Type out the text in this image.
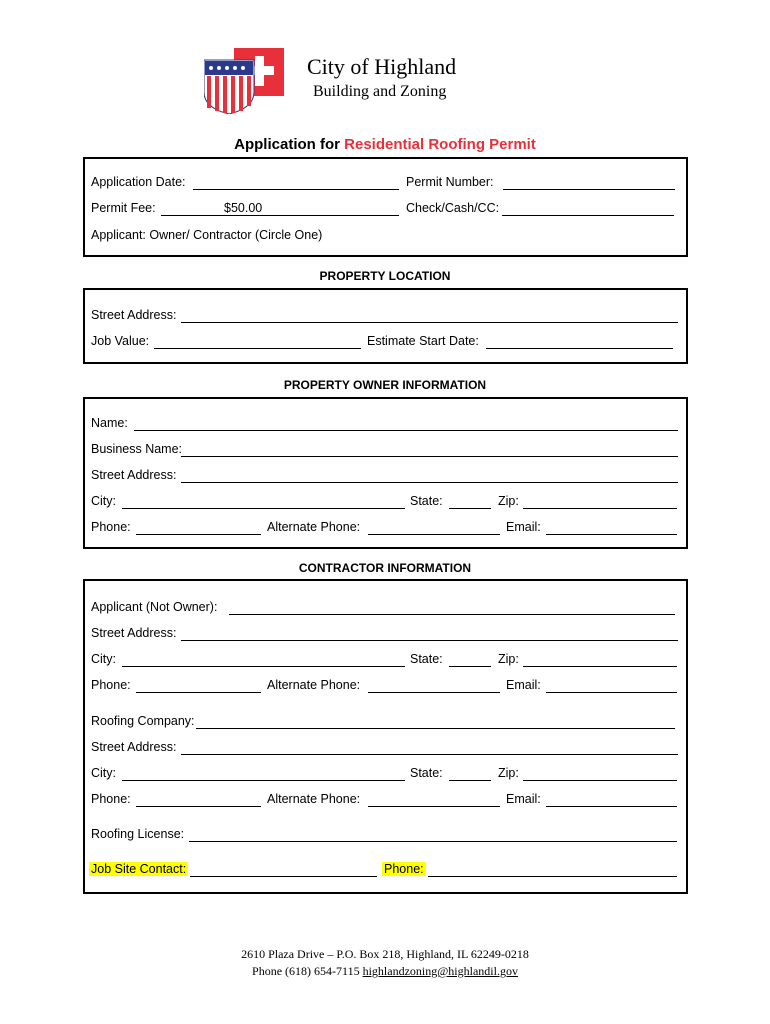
City of Highland
Building and Zoning
Application for Residential Roofing Permit
Application Date:	Permit Number:
Permit Fee:	$50.00	Check/Cash/CC:
Applicant: Owner/ Contractor (Circle One)
PROPERTY LOCATION
Street Address:
Job Value:	Estimate Start Date:
PROPERTY OWNER INFORMATION
Name:
Business Name:
Street Address:
City:	State:	Zip:
Phone:	Alternate Phone:	Email:
CONTRACTOR INFORMATION
Applicant (Not Owner):
Street Address:
City:	State:	Zip:
Phone:	Alternate Phone:	Email:
Roofing Company:
Street Address:
City:	State:	Zip:
Phone:	Alternate Phone:	Email:
Roofing License:
Job Site Contact:	Phone:
2610 Plaza Drive – P.O. Box 218, Highland, IL 62249-0218
Phone (618) 654-7115 highlandzoning@highlandil.gov
